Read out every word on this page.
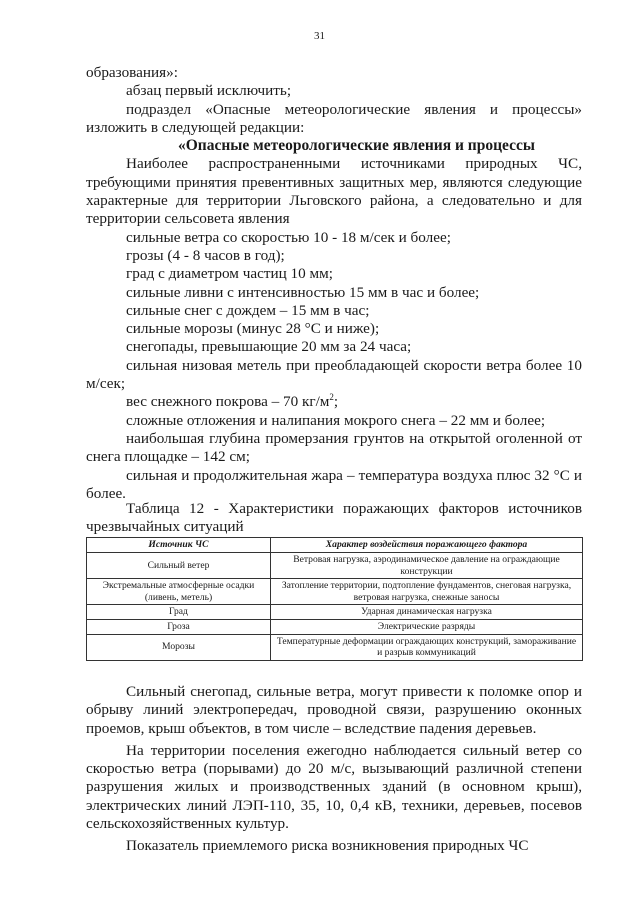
31

образования»:

абзац первый исключить;

подраздел «Опасные метеорологические явления и процессы» изложить в следующей редакции:

«Опасные метеорологические явления и процессы

Наиболее распространенными источниками природных ЧС, требующими принятия превентивных защитных мер, являются следующие характерные для территории Льговского района, а следовательно и для территории сельсовета явления

сильные ветра со скоростью 10 - 18 м/сек и более;

грозы (4 - 8 часов в год);

град с диаметром частиц 10 мм;

сильные ливни с интенсивностью 15 мм в час и более;

сильные снег с дождем – 15 мм в час;

сильные морозы (минус 28 °С и ниже);

снегопады, превышающие 20 мм за 24 часа;

сильная низовая метель при преобладающей скорости ветра более 10 м/сек;

вес снежного покрова – 70 $кг/м^2$;

сложные отложения и налипания мокрого снега – 22 мм и более;

наибольшая глубина промерзания грунтов на открытой оголенной от снега площадке – 142 см;

сильная и продолжительная жара – температура воздуха плюс 32 °С и более.

Таблица 12 - Характеристики поражающих факторов источников чрезвычайных ситуаций

Источник ЧС	Характер воздействия поражающего фактора
Сильный ветер	Ветровая нагрузка, аэродинамическое давление на ограждающие конструкции
Экстремальные атмосферные осадки (ливень, метель)	Затопление территории, подтопление фундаментов, снеговая нагрузка, ветровая нагрузка, снежные заносы
Град	Ударная динамическая нагрузка
Гроза	Электрические разряды
Морозы	Температурные деформации ограждающих конструкций, замораживание и разрыв коммуникаций

Сильный снегопад, сильные ветра, могут привести к поломке опор и обрыву линий электропередач, проводной связи, разрушению оконных проемов, крыш объектов, в том числе – вследствие падения деревьев.

На территории поселения ежегодно наблюдается сильный ветер со скоростью ветра (порывами) до 20 м/с, вызывающий различной степени разрушения жилых и производственных зданий (в основном крыш), электрических линий ЛЭП-110, 35, 10, 0,4 кВ, техники, деревьев, посевов сельскохозяйственных культур.

Показатель приемлемого риска возникновения природных ЧС
